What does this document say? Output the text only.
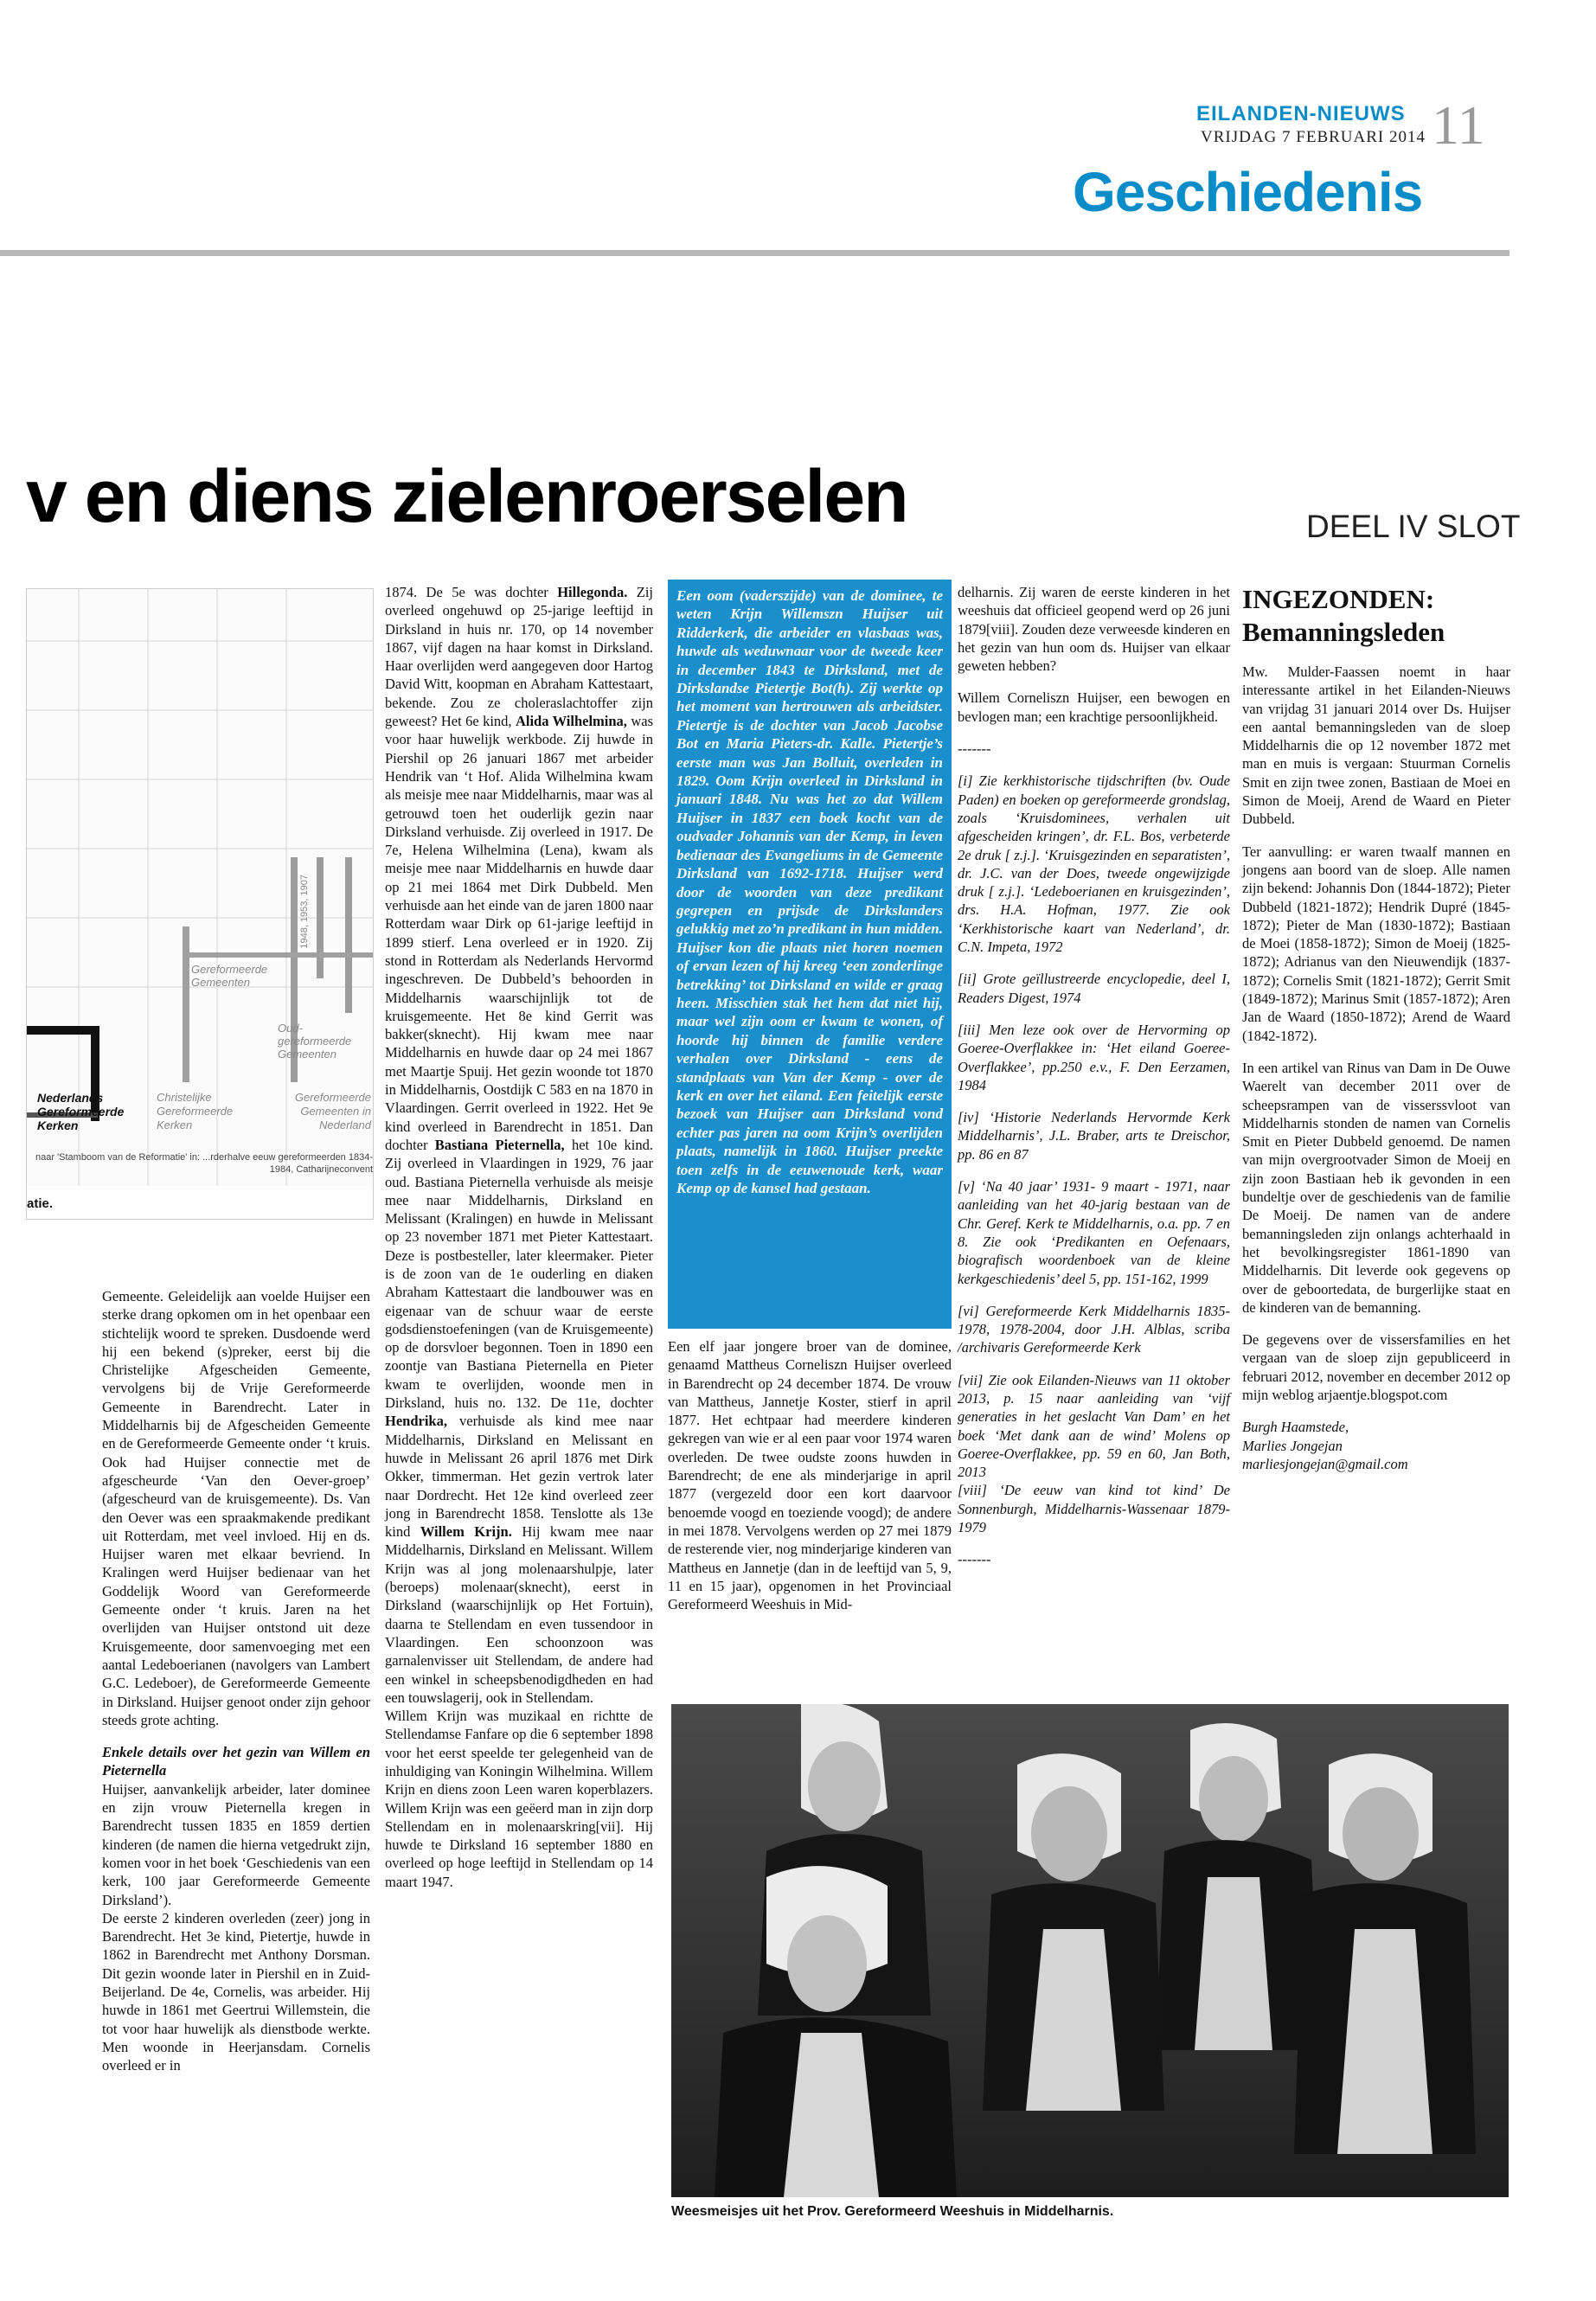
EILANDEN-NIEUWS
VRIJDAG 7 FEBRUARI 2014 11
Geschiedenis
v en diens zielenroerselen	DEEL IV SLOT
1948, 1953, 1907
Gereformeerde Gemeenten
Oud-gereformeerde Gemeenten
Nederlands Gereformeerde Kerken
Christelijke Gereformeerde Kerken
Gereformeerde Gemeenten in Nederland
naar 'Stamboom van de Reformatie' in: ...rderhalve eeuw gereformeerden 1834-1984, Catharijneconvent
atie.

Gemeente. Geleidelijk aan voelde Huijser een sterke drang opkomen om in het openbaar een stichtelijk woord te spreken. Dusdoende werd hij een bekend (s)preker, eerst bij die Christelijke Afgescheiden Gemeente, vervolgens bij de Vrije Gereformeerde Gemeente in Barendrecht. Later in Middelharnis bij de Afgescheiden Gemeente en de Gereformeerde Gemeente onder ‘t kruis. Ook had Huijser connectie met de afgescheurde ‘Van den Oever-groep’ (afgescheurd van de kruisgemeente). Ds. Van den Oever was een spraakmakende predikant uit Rotterdam, met veel invloed. Hij en ds. Huijser waren met elkaar bevriend. In Kralingen werd Huijser bedienaar van het Goddelijk Woord van Gereformeerde Gemeente onder ‘t kruis. Jaren na het overlijden van Huijser ontstond uit deze Kruisgemeente, door samenvoeging met een aantal Ledeboerianen (navolgers van Lambert G.C. Ledeboer), de Gereformeerde Gemeente in Dirksland. Huijser genoot onder zijn gehoor steeds grote achting.

Enkele details over het gezin van Willem en Pieternella

Huijser, aanvankelijk arbeider, later dominee en zijn vrouw Pieternella kregen in Barendrecht tussen 1835 en 1859 dertien kinderen (de namen die hierna vetgedrukt zijn, komen voor in het boek ‘Geschiedenis van een kerk, 100 jaar Gereformeerde Gemeente Dirksland’).

De eerste 2 kinderen overleden (zeer) jong in Barendrecht. Het 3e kind, Pietertje, huwde in 1862 in Barendrecht met Anthony Dorsman. Dit gezin woonde later in Piershil en in Zuid-Beijerland. De 4e, Cornelis, was arbeider. Hij huwde in 1861 met Geertrui Willemstein, die tot voor haar huwelijk als dienstbode werkte. Men woonde in Heerjansdam. Cornelis overleed er in

1874. De 5e was dochter Hillegonda. Zij overleed ongehuwd op 25-jarige leeftijd in Dirksland in huis nr. 170, op 14 november 1867, vijf dagen na haar komst in Dirksland. Haar overlijden werd aangegeven door Hartog David Witt, koopman en Abraham Kattestaart, bekende. Zou ze choleraslachtoffer zijn geweest? Het 6e kind, Alida Wilhelmina, was voor haar huwelijk werkbode. Zij huwde in Piershil op 26 januari 1867 met arbeider Hendrik van ‘t Hof. Alida Wilhelmina kwam als meisje mee naar Middelharnis, maar was al getrouwd toen het ouderlijk gezin naar Dirksland verhuisde. Zij overleed in 1917. De 7e, Helena Wilhelmina (Lena), kwam als meisje mee naar Middelharnis en huwde daar op 21 mei 1864 met Dirk Dubbeld. Men verhuisde aan het einde van de jaren 1800 naar Rotterdam waar Dirk op 61-jarige leeftijd in 1899 stierf. Lena overleed er in 1920. Zij stond in Rotterdam als Nederlands Hervormd ingeschreven. De Dubbeld’s behoorden in Middelharnis waarschijnlijk tot de kruisgemeente. Het 8e kind Gerrit was bakker(sknecht). Hij kwam mee naar Middelharnis en huwde daar op 24 mei 1867 met Maartje Spuij. Het gezin woonde tot 1870 in Middelharnis, Oostdijk C 583 en na 1870 in Vlaardingen. Gerrit overleed in 1922. Het 9e kind overleed in Barendrecht in 1851. Dan dochter Bastiana Pieternella, het 10e kind. Zij overleed in Vlaardingen in 1929, 76 jaar oud. Bastiana Pieternella verhuisde als meisje mee naar Middelharnis, Dirksland en Melissant (Kralingen) en huwde in Melissant op 23 november 1871 met Pieter Kattestaart. Deze is postbesteller, later kleermaker. Pieter is de zoon van de 1e ouderling en diaken Abraham Kattestaart die landbouwer was en eigenaar van de schuur waar de eerste godsdienstoefeningen (van de Kruisgemeente) op de dorsvloer begonnen. Toen in 1890 een zoontje van Bastiana Pieternella en Pieter kwam te overlijden, woonde men in Dirksland, huis no. 132. De 11e, dochter Hendrika, verhuisde als kind mee naar Middelharnis, Dirksland en Melissant en huwde in Melissant 26 april 1876 met Dirk Okker, timmerman. Het gezin vertrok later naar Dordrecht. Het 12e kind overleed zeer jong in Barendrecht 1858. Tenslotte als 13e kind Willem Krijn. Hij kwam mee naar Middelharnis, Dirksland en Melissant. Willem Krijn was al jong molenaarshulpje, later (beroeps) molenaar(sknecht), eerst in Dirksland (waarschijnlijk op Het Fortuin), daarna te Stellendam en even tussendoor in Vlaardingen. Een schoonzoon was garnalenvisser uit Stellendam, de andere had een winkel in scheepsbenodigdheden en had een touwslagerij, ook in Stellendam.

Willem Krijn was muzikaal en richtte de Stellendamse Fanfare op die 6 september 1898 voor het eerst speelde ter gelegenheid van de inhuldiging van Koningin Wilhelmina. Willem Krijn en diens zoon Leen waren koperblazers. Willem Krijn was een geëerd man in zijn dorp Stellendam en in molenaarskring[vii]. Hij huwde te Dirksland 16 september 1880 en overleed op hoge leeftijd in Stellendam op 14 maart 1947.

Een oom (vaderszijde) van de dominee, te weten Krijn Willemszn Huijser uit Ridderkerk, die arbeider en vlasbaas was, huwde als weduwnaar voor de tweede keer in december 1843 te Dirksland, met de Dirkslandse Pietertje Bot(h). Zij werkte op het moment van hertrouwen als arbeidster. Pietertje is de dochter van Jacob Jacobse Bot en Maria Pieters-dr. Kalle. Pietertje’s eerste man was Jan Bolluit, overleden in 1829. Oom Krijn overleed in Dirksland in januari 1848. Nu was het zo dat Willem Huijser in 1837 een boek kocht van de oudvader Johannis van der Kemp, in leven bedienaar des Evangeliums in de Gemeente Dirksland van 1692-1718. Huijser werd door de woorden van deze predikant gegrepen en prijsde de Dirkslanders gelukkig met zo’n predikant in hun midden. Huijser kon die plaats niet horen noemen of ervan lezen of hij kreeg ‘een zonderlinge betrekking’ tot Dirksland en wilde er graag heen. Misschien stak het hem dat niet hij, maar wel zijn oom er kwam te wonen, of hoorde hij binnen de familie verdere verhalen over Dirksland - eens de standplaats van Van der Kemp - over de kerk en over het eiland. Een feitelijk eerste bezoek van Huijser aan Dirksland vond echter pas jaren na oom Krijn’s overlijden plaats, namelijk in 1860. Huijser preekte toen zelfs in de eeuwenoude kerk, waar Kemp op de kansel had gestaan.

Een elf jaar jongere broer van de dominee, genaamd Mattheus Corneliszn Huijser overleed in Barendrecht op 24 december 1874. De vrouw van Mattheus, Jannetje Koster, stierf in april 1877. Het echtpaar had meerdere kinderen gekregen van wie er al een paar voor 1974 waren overleden. De twee oudste zoons huwden in Barendrecht; de ene als minderjarige in april 1877 (vergezeld door een kort daarvoor benoemde voogd en toeziende voogd); de andere in mei 1878. Vervolgens werden op 27 mei 1879 de resterende vier, nog minderjarige kinderen van Mattheus en Jannetje (dan in de leeftijd van 5, 9, 11 en 15 jaar), opgenomen in het Provinciaal Gereformeerd Weeshuis in Mid-

delharnis. Zij waren de eerste kinderen in het weeshuis dat officieel geopend werd op 26 juni 1879[viii]. Zouden deze verweesde kinderen en het gezin van hun oom ds. Huijser van elkaar geweten hebben?

Willem Corneliszn Huijser, een bewogen en bevlogen man; een krachtige persoonlijkheid.

-------

[i] Zie kerkhistorische tijdschriften (bv. Oude Paden) en boeken op gereformeerde grondslag, zoals ‘Kruisdominees, verhalen uit afgescheiden kringen’, dr. F.L. Bos, verbeterde 2e druk [ z.j.]. ‘Kruisgezinden en separatisten’, dr. J.C. van der Does, tweede ongewijzigde druk [ z.j.]. ‘Ledeboerianen en kruisgezinden’, drs. H.A. Hofman, 1977. Zie ook ‘Kerkhistorische kaart van Nederland’, dr. C.N. Impeta, 1972

[ii] Grote geïllustreerde encyclopedie, deel I, Readers Digest, 1974

[iii] Men leze ook over de Hervorming op Goeree-Overflakkee in: ‘Het eiland Goeree-Overflakkee’, pp.250 e.v., F. Den Eerzamen, 1984

[iv] ‘Historie Nederlands Hervormde Kerk Middelharnis’, J.L. Braber, arts te Dreischor, pp. 86 en 87

[v] ‘Na 40 jaar’ 1931- 9 maart - 1971, naar aanleiding van het 40-jarig bestaan van de Chr. Geref. Kerk te Middelharnis, o.a. pp. 7 en 8. Zie ook ‘Predikanten en Oefenaars, biografisch woordenboek van de kleine kerkgeschiedenis’ deel 5, pp. 151-162, 1999

[vi] Gereformeerde Kerk Middelharnis 1835-1978, 1978-2004, door J.H. Alblas, scriba /archivaris Gereformeerde Kerk

[vii] Zie ook Eilanden-Nieuws van 11 oktober 2013, p. 15 naar aanleiding van ‘vijf generaties in het geslacht Van Dam’ en het boek ‘Met dank aan de wind’ Molens op Goeree-Overflakkee, pp. 59 en 60, Jan Both, 2013

[viii] ‘De eeuw van kind tot kind’ De Sonnenburgh, Middelharnis-Wassenaar 1879-1979

-------

INGEZONDEN:
Bemanningsleden

Mw. Mulder-Faassen noemt in haar interessante artikel in het Eilanden-Nieuws van vrijdag 31 januari 2014 over Ds. Huijser een aantal bemanningsleden van de sloep Middelharnis die op 12 november 1872 met man en muis is vergaan: Stuurman Cornelis Smit en zijn twee zonen, Bastiaan de Moei en Simon de Moeij, Arend de Waard en Pieter Dubbeld.

Ter aanvulling: er waren twaalf mannen en jongens aan boord van de sloep. Alle namen zijn bekend: Johannis Don (1844-1872); Pieter Dubbeld (1821-1872); Hendrik Dupré (1845-1872); Pieter de Man (1830-1872); Bastiaan de Moei (1858-1872); Simon de Moeij (1825-1872); Adrianus van den Nieuwendijk (1837-1872); Cornelis Smit (1821-1872); Gerrit Smit (1849-1872); Marinus Smit (1857-1872); Aren Jan de Waard (1850-1872); Arend de Waard (1842-1872).

In een artikel van Rinus van Dam in De Ouwe Waerelt van december 2011 over de scheepsrampen van de visserssvloot van Middelharnis stonden de namen van Cornelis Smit en Pieter Dubbeld genoemd. De namen van mijn overgrootvader Simon de Moeij en zijn zoon Bastiaan heb ik gevonden in een bundeltje over de geschiedenis van de familie De Moeij. De namen van de andere bemanningsleden zijn onlangs achterhaald in het bevolkingsregister 1861-1890 van Middelharnis. Dit leverde ook gegevens op over de geboortedata, de burgerlijke staat en de kinderen van de bemanning.

De gegevens over de vissersfamilies en het vergaan van de sloep zijn gepubliceerd in februari 2012, november en december 2012 op mijn weblog arjaentje.blogspot.com

Burgh Haamstede,

Marlies Jongejan

marliesjongejan@gmail.com

Weesmeisjes uit het Prov. Gereformeerd Weeshuis in Middelharnis.
